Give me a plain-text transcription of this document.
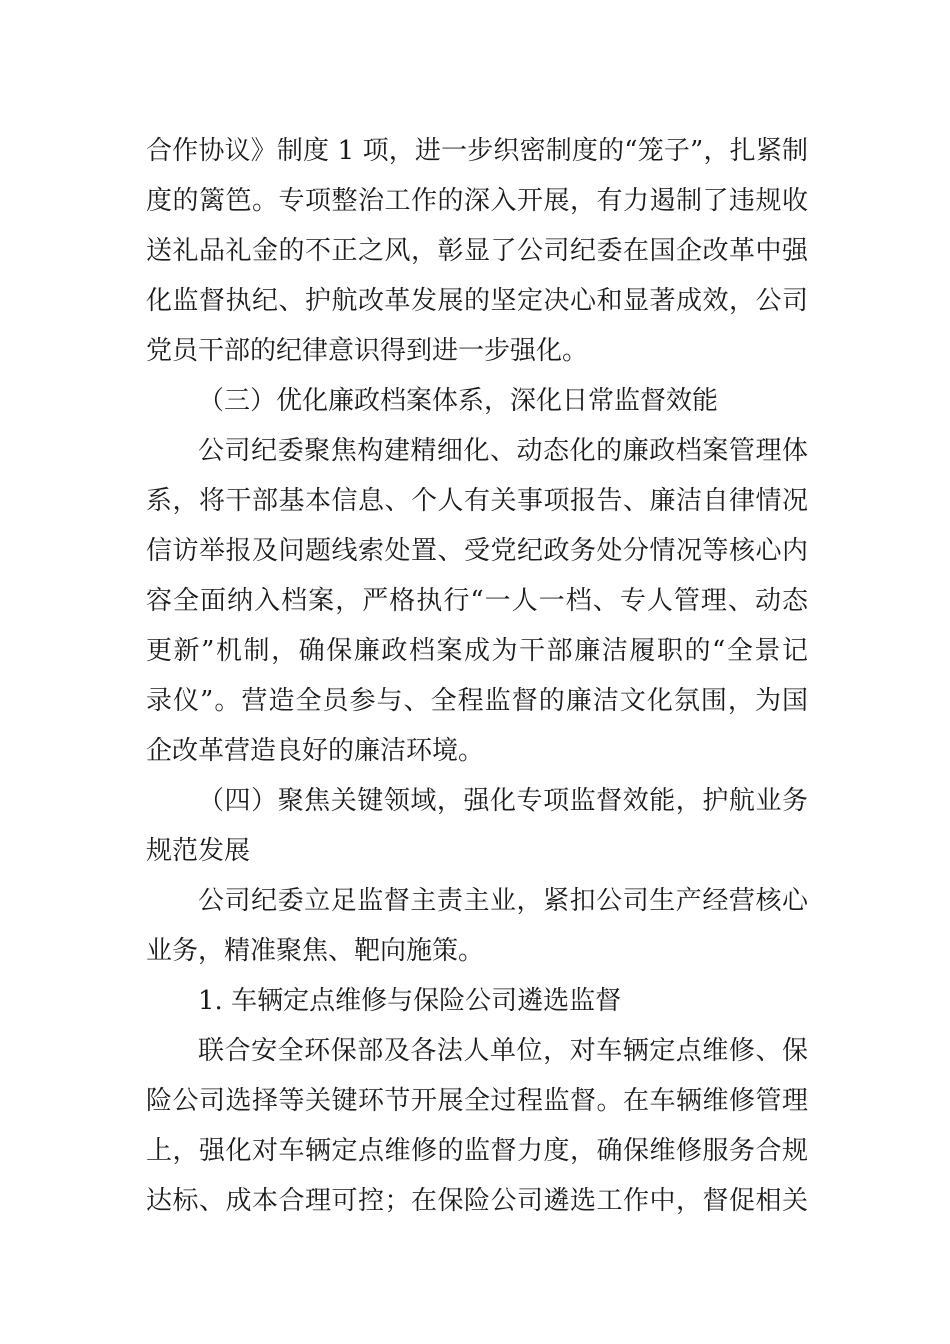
合作协议》制度 1 项，进一步织密制度的“笼子”，扎紧制
度的篱笆。专项整治工作的深入开展，有力遏制了违规收
送礼品礼金的不正之风，彰显了公司纪委在国企改革中强
化监督执纪、护航改革发展的坚定决心和显著成效，公司
党员干部的纪律意识得到进一步强化。
（三）优化廉政档案体系，深化日常监督效能
公司纪委聚焦构建精细化、动态化的廉政档案管理体
系，将干部基本信息、个人有关事项报告、廉洁自律情况
信访举报及问题线索处置、受党纪政务处分情况等核心内
容全面纳入档案，严格执行“一人一档、专人管理、动态
更新”机制，确保廉政档案成为干部廉洁履职的“全景记
录仪”。营造全员参与、全程监督的廉洁文化氛围，为国
企改革营造良好的廉洁环境。
（四）聚焦关键领域，强化专项监督效能，护航业务
规范发展
公司纪委立足监督主责主业，紧扣公司生产经营核心
业务，精准聚焦、靶向施策。
1. 车辆定点维修与保险公司遴选监督
联合安全环保部及各法人单位，对车辆定点维修、保
险公司选择等关键环节开展全过程监督。在车辆维修管理
上，强化对车辆定点维修的监督力度，确保维修服务合规
达标、成本合理可控；在保险公司遴选工作中，督促相关
